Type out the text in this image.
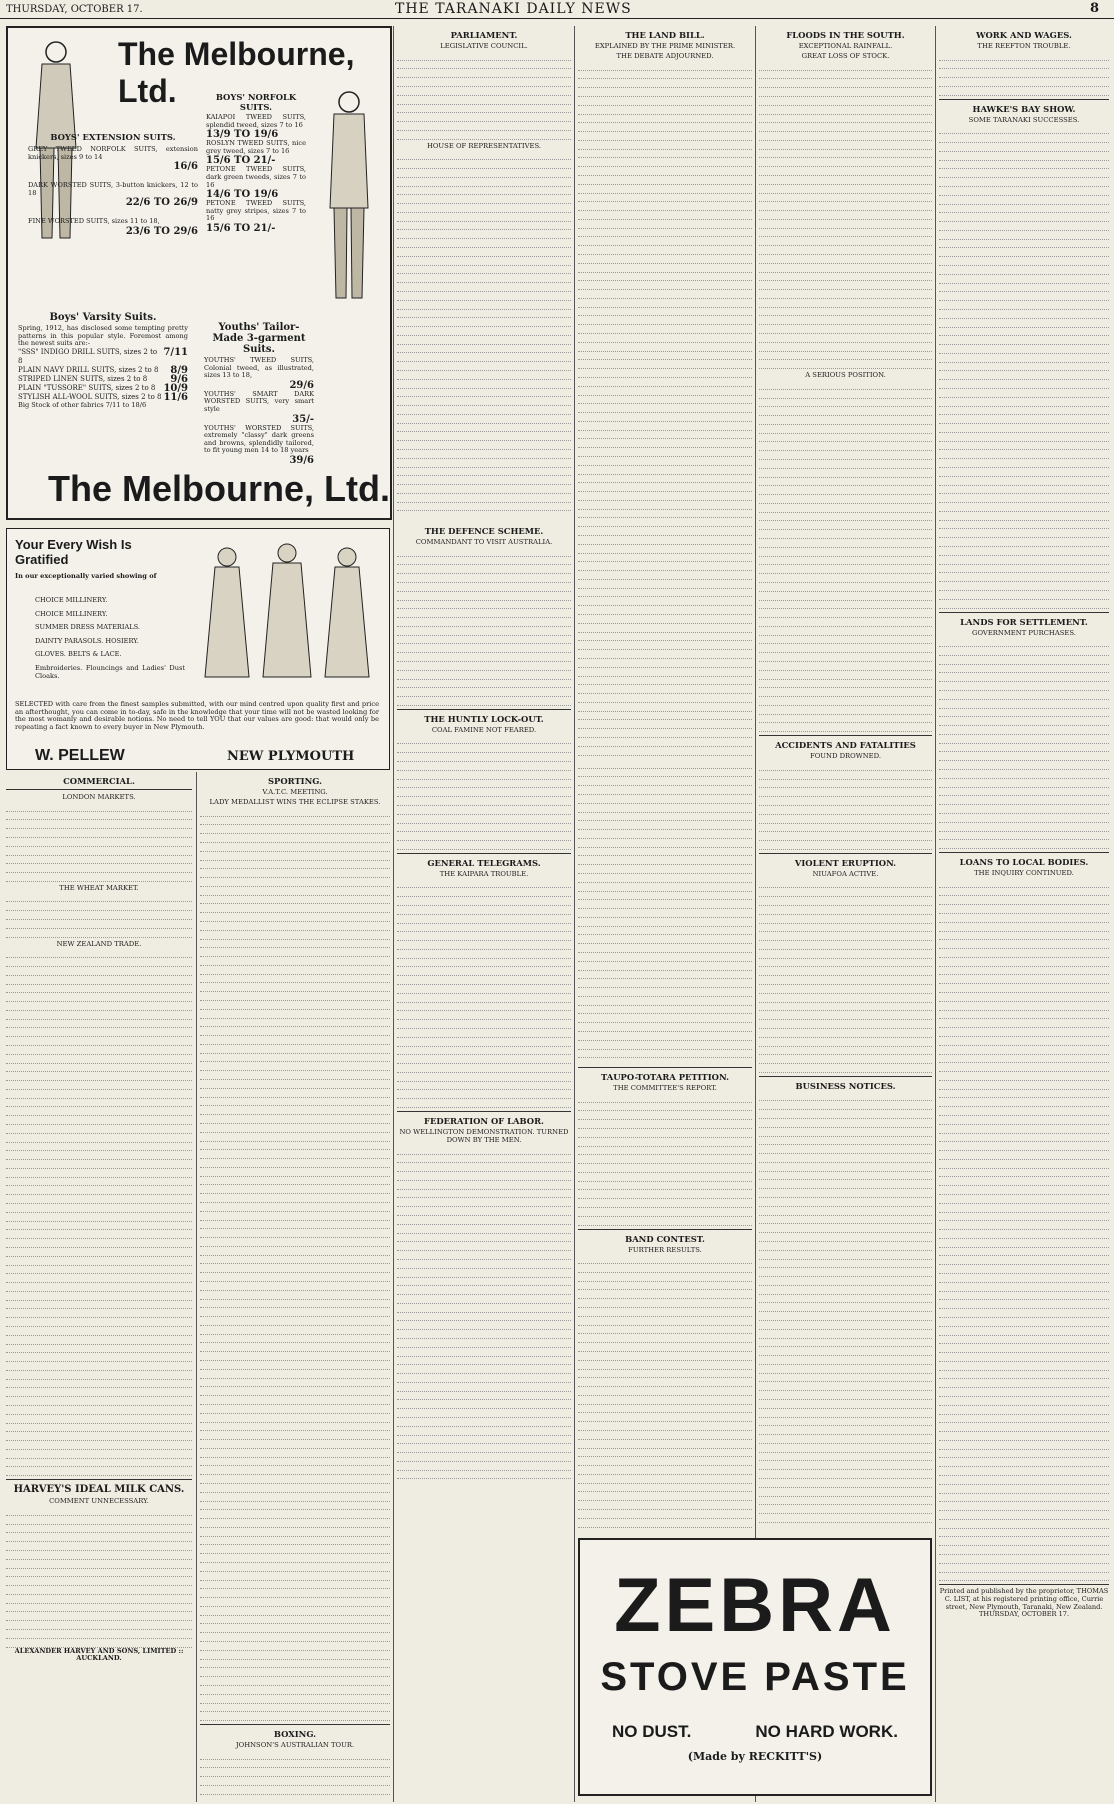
THURSDAY, OCTOBER 17.	THE TARANAKI DAILY NEWS	8
The Melbourne, Ltd.
BOYS' EXTENSION SUITS.
GREY TWEED NORFOLK SUITS, extension knickers, sizes 9 to 14
16/6
DARK WORSTED SUITS, 3-button knickers, 12 to 18
22/6 TO 26/9
FINE WORSTED SUITS, sizes 11 to 18,
23/6 TO 29/6
BOYS' NORFOLK SUITS.
KAIAPOI TWEED SUITS, splendid tweed, sizes 7 to 16
13/9 TO 19/6
ROSLYN TWEED SUITS, nice grey tweed, sizes 7 to 16
15/6 TO 21/-
PETONE TWEED SUITS, dark green tweeds, sizes 7 to 16
14/6 TO 19/6
PETONE TWEED SUITS, natty grey stripes, sizes 7 to 16
15/6 TO 21/-
Boys' Varsity Suits.
Spring, 1912, has disclosed some tempting pretty patterns in this popular style. Foremost among the newest suits are:-
"SSS" INDIGO DRILL SUITS, sizes 2 to 8
7/11
PLAIN NAVY DRILL SUITS, sizes 2 to 8 8/9
STRIPED LINEN SUITS, sizes 2 to 8 9/6
PLAIN "TUSSORE" SUITS, sizes 2 to 8 10/9
STYLISH ALL-WOOL SUITS, sizes 2 to 8 11/6
Big Stock of other fabrics 7/11 to 18/6
Youths' Tailor-Made 3-garment Suits.
YOUTHS' TWEED SUITS, Colonial tweed, as illustrated, sizes 13 to 18,
29/6
YOUTHS' SMART DARK WORSTED SUITS, very smart style
35/-
YOUTHS' WORSTED SUITS, extremely "classy" dark greens and browns, splendidly tailored, to fit young men 14 to 18 years
39/6
The Melbourne, Ltd.
Your Every Wish Is Gratified
In our exceptionally varied showing of
CHOICE MILLINERY.
CHOICE MILLINERY.
SUMMER DRESS MATERIALS.
DAINTY PARASOLS. HOSIERY.
GLOVES. BELTS & LACE.
Embroideries. Flouncings and Ladies' Dust Cloaks.
SELECTED with care from the finest samples submitted, with our mind centred upon quality first and price an afterthought, you can come in to-day, safe in the knowledge that your time will not be wasted looking for the most womanly and desirable notions. No need to tell YOU that our values are good: that would only be repeating a fact known to every buyer in New Plymouth.
W. PELLEW	NEW PLYMOUTH
COMMERCIAL.
LONDON MARKETS.
THE WHEAT MARKET.
NEW ZEALAND TRADE.
HARVEY'S IDEAL MILK CANS.
COMMENT UNNECESSARY.
ALEXANDER HARVEY AND SONS, LIMITED :: AUCKLAND.
SPORTING.
V.A.T.C. MEETING.
LADY MEDALLIST WINS THE ECLIPSE STAKES.
BOXING.
JOHNSON'S AUSTRALIAN TOUR.
THE DEFENCE SCHEME.
COMMANDANT TO VISIT AUSTRALIA.
THE HUNTLY LOCK-OUT.
COAL FAMINE NOT FEARED.
GENERAL TELEGRAMS.
THE KAIPARA TROUBLE.
FEDERATION OF LABOR.
NO WELLINGTON DEMONSTRATION. TURNED DOWN BY THE MEN.
PARLIAMENT.
LEGISLATIVE COUNCIL.
HOUSE OF REPRESENTATIVES.
THE LAND BILL.
EXPLAINED BY THE PRIME MINISTER.
THE DEBATE ADJOURNED.
TAUPO-TOTARA PETITION.
THE COMMITTEE'S REPORT.
BAND CONTEST.
FURTHER RESULTS.
ZEBRA
STOVE PASTE
NO DUST.	NO HARD WORK.
(Made by RECKITT'S)
FLOODS IN THE SOUTH.
EXCEPTIONAL RAINFALL.
GREAT LOSS OF STOCK.
A SERIOUS POSITION.
ACCIDENTS AND FATALITIES
FOUND DROWNED.
VIOLENT ERUPTION.
NIUAFOA ACTIVE.
BUSINESS NOTICES.
WORK AND WAGES.
THE REEFTON TROUBLE.
HAWKE'S BAY SHOW.
SOME TARANAKI SUCCESSES.
LANDS FOR SETTLEMENT.
GOVERNMENT PURCHASES.
LOANS TO LOCAL BODIES.
THE INQUIRY CONTINUED.
Printed and published by the proprietor, THOMAS C. LIST, at his registered printing office, Currie street, New Plymouth, Taranaki, New Zealand. THURSDAY, OCTOBER 17.
